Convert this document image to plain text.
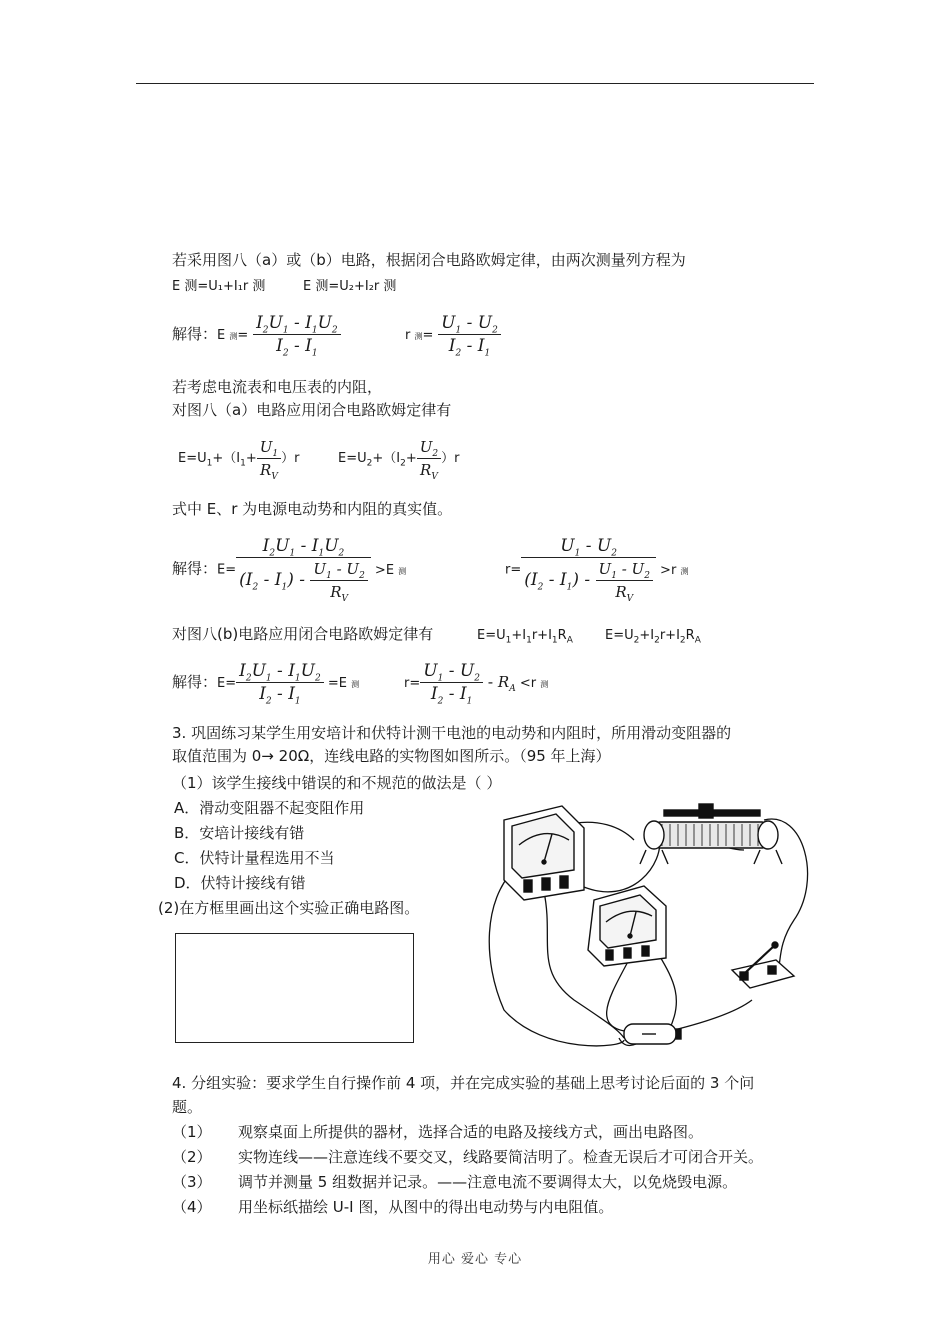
若采用图八（a）或（b）电路，根据闭合电路欧姆定律，由两次测量列方程为
E 测=U₁+I₁r 测	E 测=U₂+I₂r 测
解得：E 测= $\frac{I_2U_1 - I_1U_2}{I_2 - I_1}$	r 测= $\frac{U_1 - U_2}{I_2 - I_1}$
若考虑电流表和电压表的内阻，
对图八（a）电路应用闭合电路欧姆定律有
$E=U_1+(I_1+ \frac{U_1}{R_V} )r$	$E=U_2+(I_2+ \frac{U_2}{R_V} )r$
式中 E、r 为电源电动势和内阻的真实值。
解得：$E= \frac{I_2U_1 - I_1U_2}{(I_2 - I_1) - \frac{U_1 - U_2}{R_V}} >E$ 测	$r= \frac{U_1 - U_2}{(I_2 - I_1) - \frac{U_1 - U_2}{R_V}} >r$ 测
对图八(b)电路应用闭合电路欧姆定律有	$E=U_1+I_1r+I_1R_A$ $E=U_2+I_2r+I_2R_A$
解得：$E= \frac{I_2U_1 - I_1U_2}{I_2 - I_1} =E$ 测	$r= \frac{U_1 - U_2}{I_2 - I_1} - R_A <r$ 测
3. 巩固练习某学生用安培计和伏特计测干电池的电动势和内阻时，所用滑动变阻器的
取值范围为 0→ 20Ω，连线电路的实物图如图所示。（95 年上海）
（1）该学生接线中错误的和不规范的做法是（ ）
A．滑动变阻器不起变阻作用
B．安培计接线有错
C．伏特计量程选用不当
D．伏特计接线有错
(2)在方框里画出这个实验正确电路图。
4. 分组实验：要求学生自行操作前 4 项，并在完成实验的基础上思考讨论后面的 3 个问
题。
（1） 观察桌面上所提供的器材，选择合适的电路及接线方式，画出电路图。
（2） 实物连线——注意连线不要交叉，线路要简洁明了。检查无误后才可闭合开关。
（3） 调节并测量 5 组数据并记录。——注意电流不要调得太大，以免烧毁电源。
（4） 用坐标纸描绘 U-I 图，从图中的得出电动势与内电阻值。
用心 爱心 专心
